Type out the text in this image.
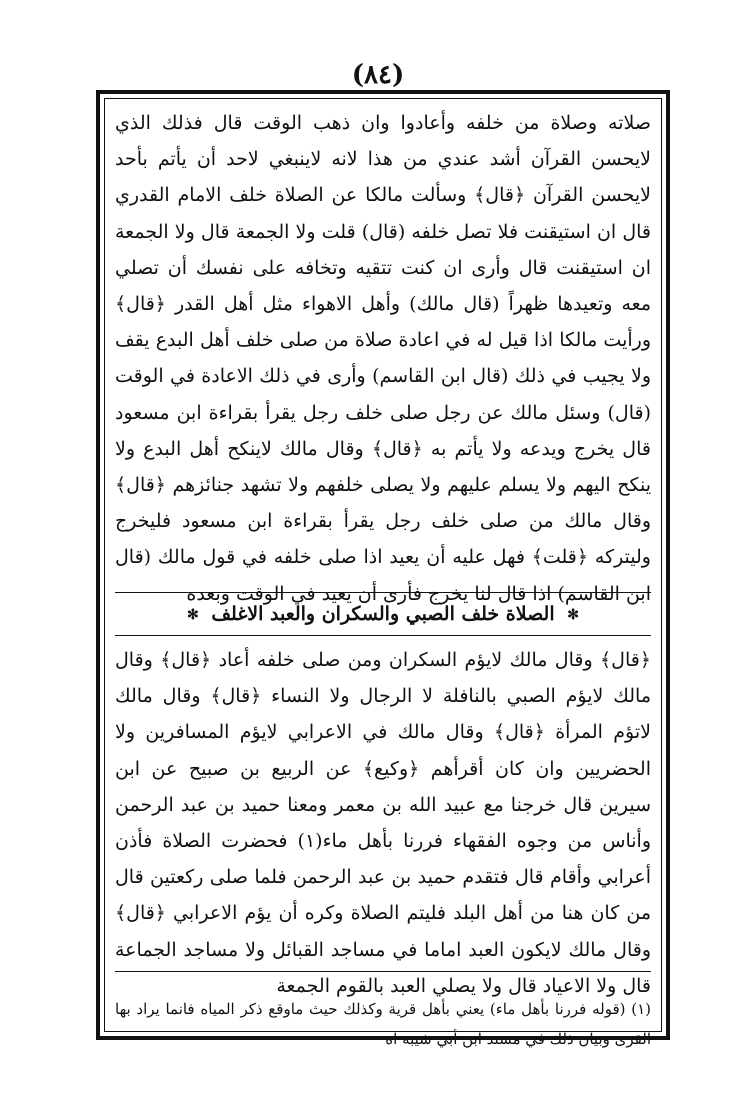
(٨٤)

صلاته وصلاة من خلفه وأعادوا وان ذهب الوقت قال فذلك الذي لايحسن القرآن أشد عندي من هذا لانه لاينبغي لاحد أن يأتم بأحد لايحسن القرآن ﴿قال﴾ وسألت مالكا عن الصلاة خلف الامام القدري قال ان استيقنت فلا تصل خلفه (قال) قلت ولا الجمعة قال ولا الجمعة ان استيقنت قال وأرى ان كنت تتقيه وتخافه على نفسك أن تصلي معه وتعيدها ظهراً (قال مالك) وأهل الاهواء مثل أهل القدر ﴿قال﴾ ورأيت مالكا اذا قيل له في اعادة صلاة من صلى خلف أهل البدع يقف ولا يجيب في ذلك (قال ابن القاسم) وأرى في ذلك الاعادة في الوقت (قال) وسئل مالك عن رجل صلى خلف رجل يقرأ بقراءة ابن مسعود قال يخرج ويدعه ولا يأتم به ﴿قال﴾ وقال مالك لاينكح أهل البدع ولا ينكح اليهم ولا يسلم عليهم ولا يصلى خلفهم ولا تشهد جنائزهم ﴿قال﴾ وقال مالك من صلى خلف رجل يقرأ بقراءة ابن مسعود فليخرج وليتركه ﴿قلت﴾ فهل عليه أن يعيد اذا صلى خلفه في قول مالك (قال ابن القاسم) اذا قال لنا يخرج فأرى أن يعيد في الوقت وبعده

✻ الصلاة خلف الصبي والسكران والعبد الاغلف ✻

﴿قال﴾ وقال مالك لايؤم السكران ومن صلى خلفه أعاد ﴿قال﴾ وقال مالك لايؤم الصبي بالنافلة لا الرجال ولا النساء ﴿قال﴾ وقال مالك لاتؤم المرأة ﴿قال﴾ وقال مالك في الاعرابي لايؤم المسافرين ولا الحضريين وان كان أقرأهم ﴿وكيع﴾ عن الربيع بن صبيح عن ابن سيرين قال خرجنا مع عبيد الله بن معمر ومعنا حميد بن عبد الرحمن وأناس من وجوه الفقهاء فررنا بأهل ماء(١) فحضرت الصلاة فأذن أعرابي وأقام قال فتقدم حميد بن عبد الرحمن فلما صلى ركعتين قال من كان هنا من أهل البلد فليتم الصلاة وكره أن يؤم الاعرابي ﴿قال﴾ وقال مالك لايكون العبد اماما في مساجد القبائل ولا مساجد الجماعة قال ولا الاعياد قال ولا يصلي العبد بالقوم الجمعة

(١) (قوله فررنا بأهل ماء) يعني بأهل قرية وكذلك حيث ماوقع ذكر المياه فانما يراد بها القرى وبيان ذلك في مسند ابن أبي شيبة اه
